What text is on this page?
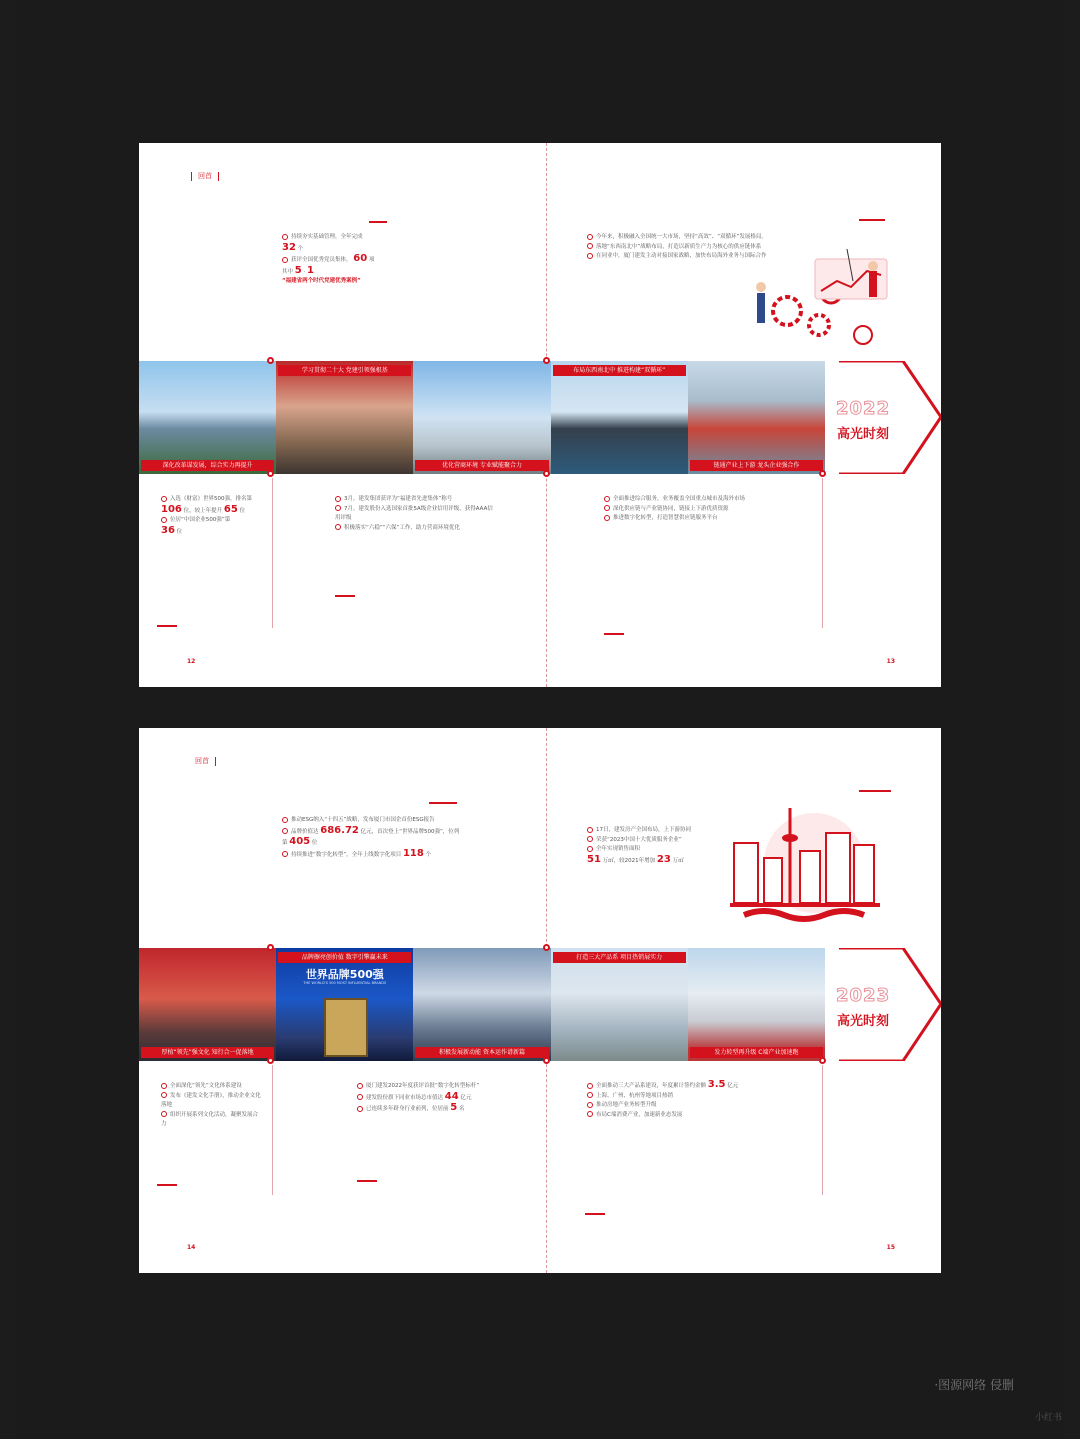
回首
12	13

持续夯实基础管理，全年完成

32 个

获评全国优秀党员集体， 60 项

其中 5 · 1

“福建省两个时代党建优秀案例”

今年来，积极融入全国统一大市场，坚持“高效”、“双循环”发展格局。

落地“东西南北中”战略布局，打造以新质生产力为核心的供应链体系

在同业中，厦门建发主动对接国家战略，加快布局海外业务与国际合作

深化改革谋发展，综合实力再提升
学习贯彻二十大 党建引领强根基
优化营商环境 专业赋能聚合力
布局东西南北中 推进构建“双循环”
链通产业上下游 龙头企业强合作
2022
高光时刻

入选《财富》世界500强，排名第

106 位，较上年提升 65 位

位居“中国企业500强”第

36 位

3月，建发集团获评为“福建省先进集体”称号

7月，建发股份入选国家首批5A级企业信用评级，获得AAA信用评级

积极落实“六稳”“六保”工作，助力营商环境优化

全面推进综合服务，业务覆盖全国重点城市及海外市场

深化供应链与产业链协同，链接上下游优质资源

推进数字化转型，打造智慧供应链服务平台

回首
14	15

推动ESG纳入“十四五”战略，发布厦门市国企首份ESG报告

品牌价值达 686.72 亿元，首次登上“世界品牌500强”，位列第 405 位

持续推进“数字化转型”，全年上线数字化项目 118 个

17日，建发房产全国布局，上下游协同

荣获“2023中国十大优质服务企业”

全年实现销售面积

51 万㎡，较2021年增加 23 万㎡

厚植“领先”强文化 知行合一促落地
品牌擦亮创价值 数字引擎赢未来
世界品牌500强
THE WORLD'S 500 MOST INFLUENTIAL BRANDS
积极发展新动能 资本运作谱新篇
打造三大产品系 项目热销展实力
发力转型再升级 C端产业加速跑
2023
高光时刻

全面深化“领先”文化体系建设

发布《建发文化手册》，推动企业文化落地

组织开展系列文化活动，凝聚发展合力

厦门建发2022年度获评首批“数字化转型标杆”

建发股份旗下同业市场总市值达 44 亿元

已连续多年跻身行业前列，位居前 5 名

全面推动三大产品系建设，年度累计签约金额 3.5 亿元

上海、广州、杭州等地项目热销

推动房地产业务转型升级

布局C端消费产业，加速新业态发展

·图源网络 侵删
小红书
